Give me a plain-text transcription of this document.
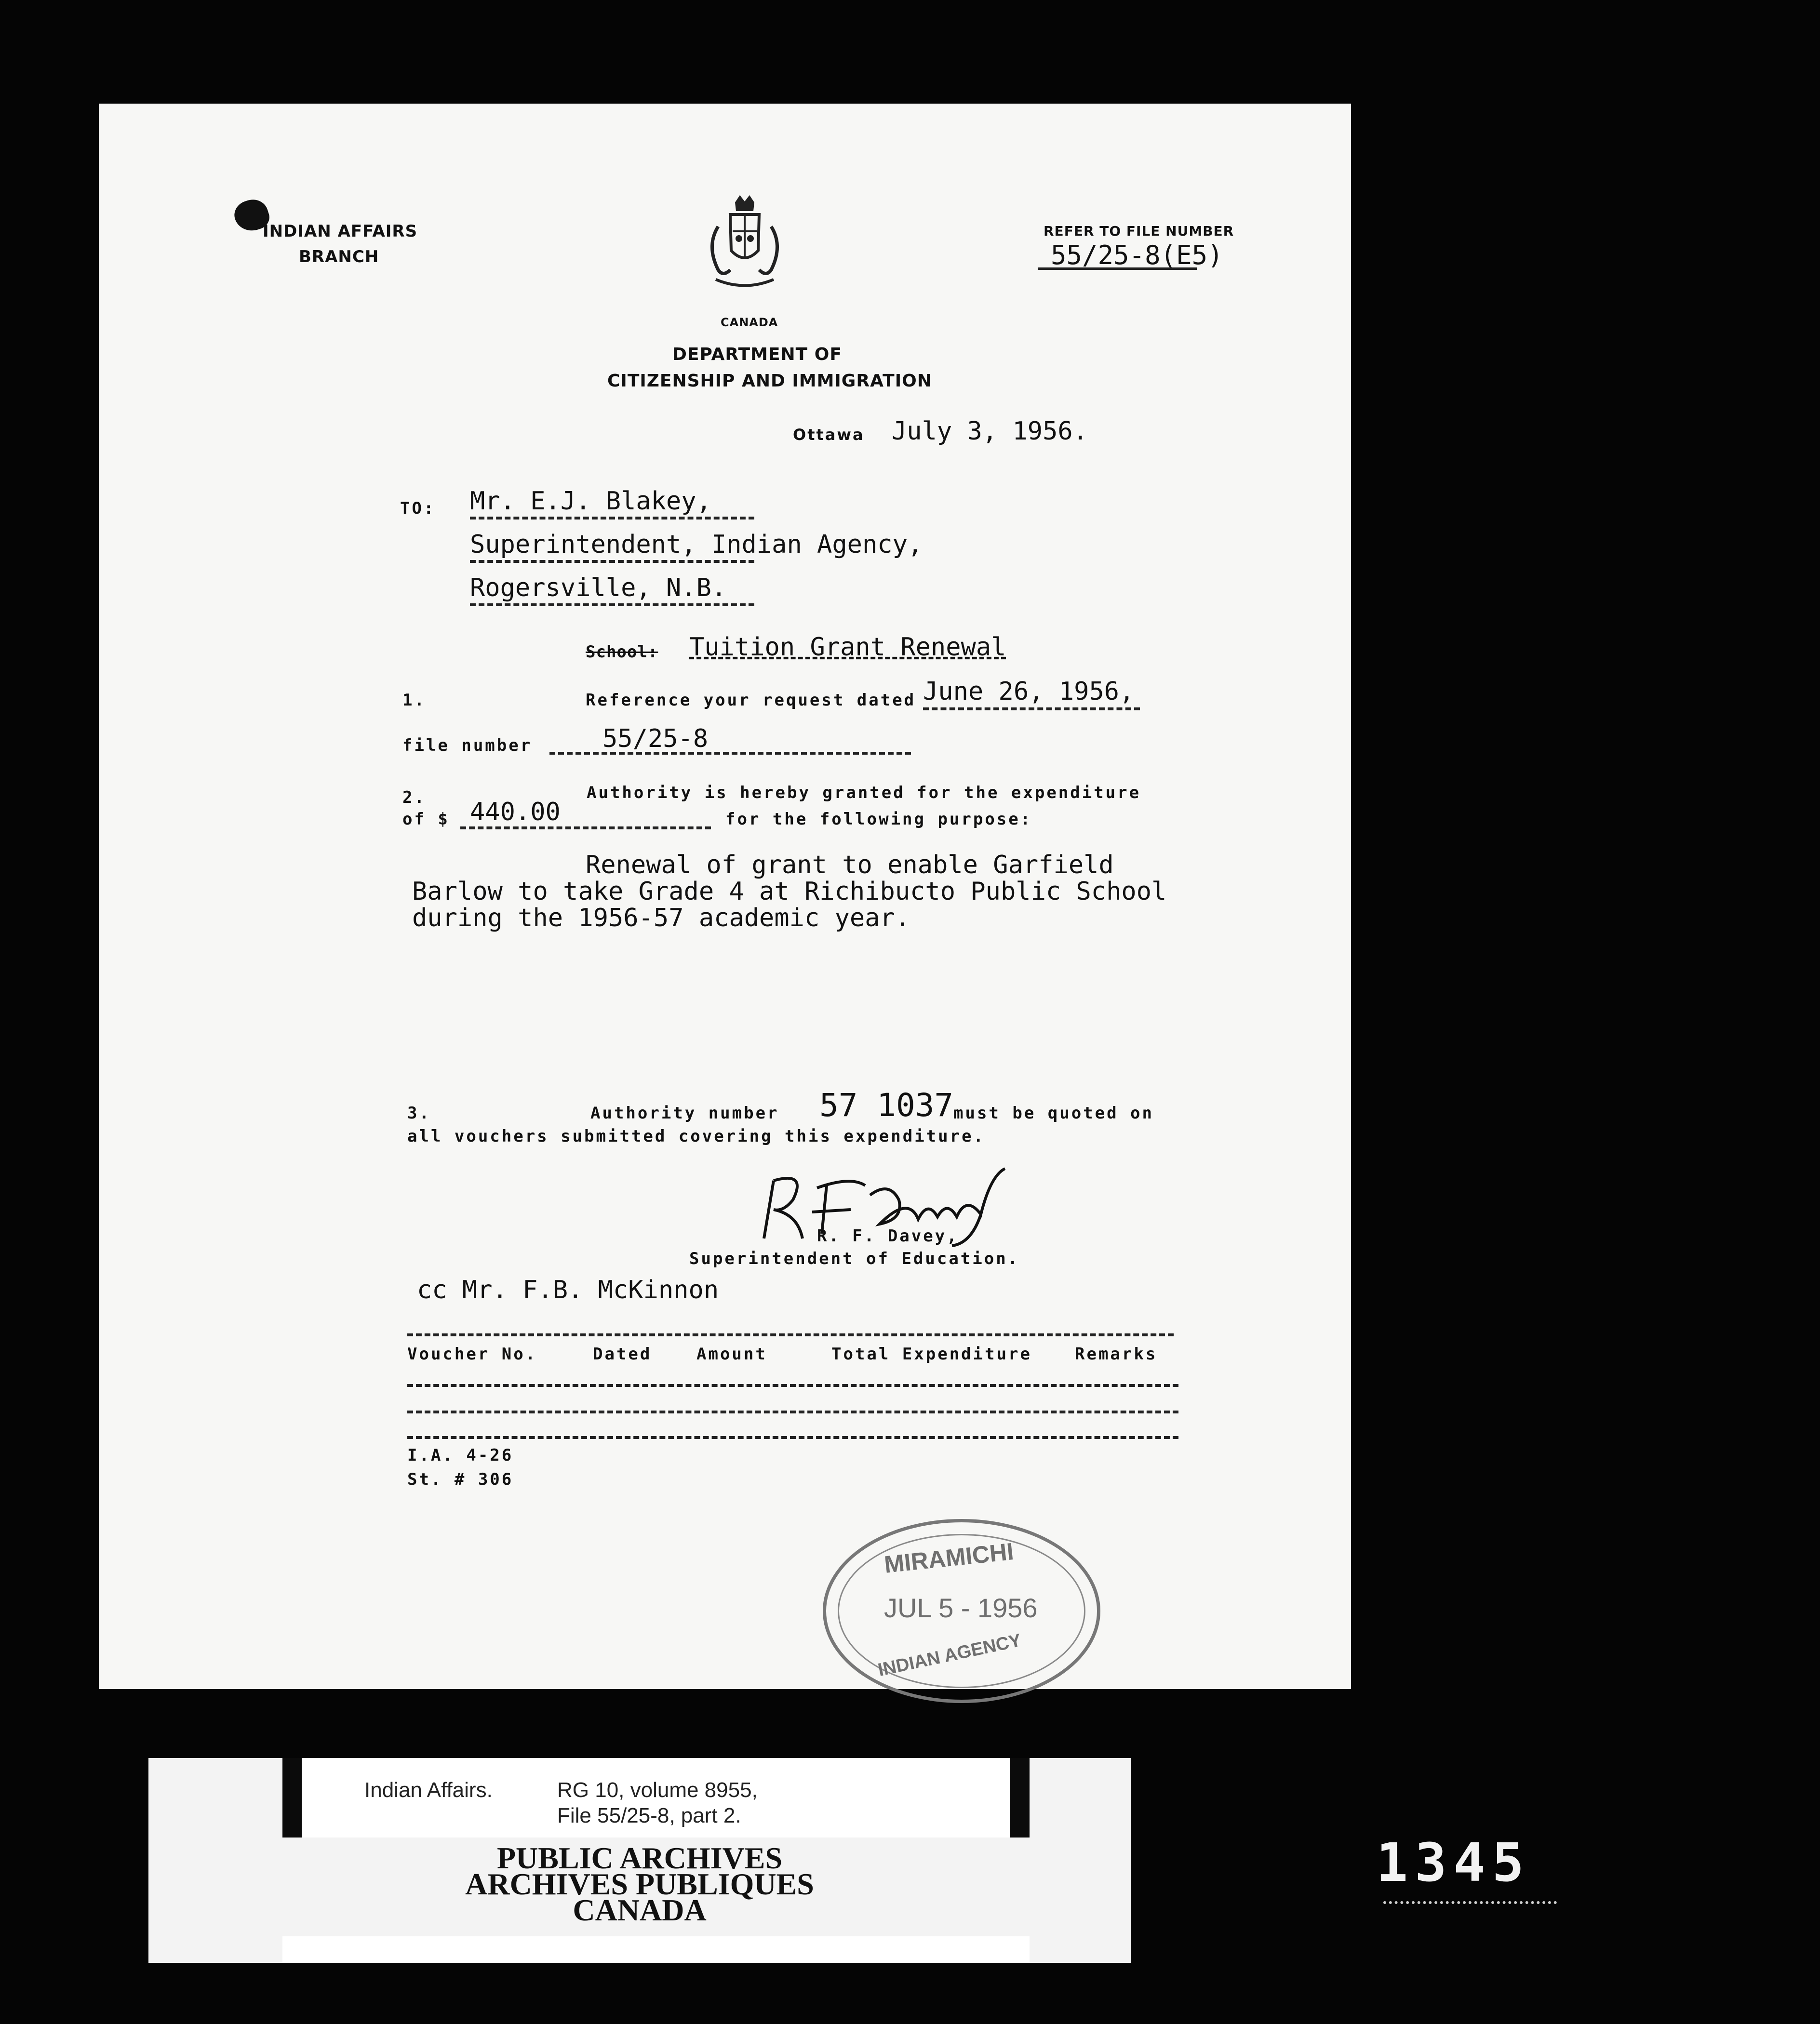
INDIAN AFFAIRS
BRANCH
CANADA
DEPARTMENT OF
CITIZENSHIP AND IMMIGRATION
REFER TO FILE NUMBER
55/25-8(E5)
Ottawa July 3, 1956.
TO: Mr. E.J. Blakey,
Superintendent, Indian Agency,
Rogersville, N.B.
School: Tuition Grant Renewal
1.	Reference your request dated June 26, 1956,
file number	55/25-8
2.	Authority is hereby granted for the expenditure
of $ 440.00	for the following purpose:
Renewal of grant to enable Garfield
Barlow to take Grade 4 at Richibucto Public School
during the 1956-57 academic year.
3.	Authority number 57 1037 must be quoted on
all vouchers submitted covering this expenditure.
R. F. Davey,
Superintendent of Education.
cc Mr. F.B. McKinnon
Voucher No.	Dated	Amount	Total Expenditure	Remarks
I.A. 4-26
St. # 306
MIRAMICHI
JUL 5 - 1956
INDIAN AGENCY
Indian Affairs.	RG 10, volume 8955,
File 55/25-8, part 2.
PUBLIC ARCHIVES
ARCHIVES PUBLIQUES
CANADA
1345
